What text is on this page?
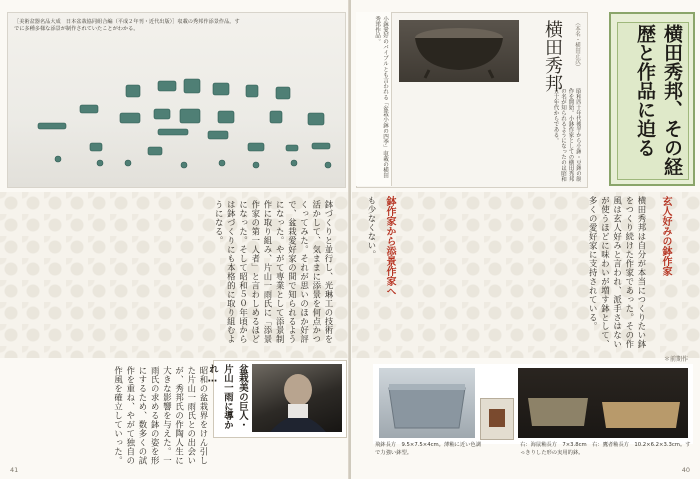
［美術盆器名品大成　日本盆栽協同組合編（平成２年刊・近代出版）］収載の秀邦作添景作品。すでに多種多様な添景が制作されていたことがわかる。
鉢づくりと並行し、光琳工の技術を活かして、気ままに添景を何点かつくってみた。それが思いのほか好評で、盆栽愛好家の間で知られるようになった。やがて専業として添景制作に取り組み、片山一雨氏に「添景作家の第一人者」と言わしめるほどになった。そして昭和５０年頃からは鉢づくりにも本格的に取り組むようになる。
昭和の盆栽界をけん引した片山一雨氏との出会いが、秀邦氏の作陶人生に大きな影響を与えた。一雨氏の求める鉢の姿を形にするため、数多くの試作を重ね、やがて独自の作風を確立していった。	盆栽美の巨人・片山一雨に導かれ…
41
小鉢愛好のバイブルとも言われる「盆栽小鉢の四季」収載の横田秀邦作品。	横田秀邦	（本名・横田正次）
昭和四十年代後半から小鉢・豆鉢の制作を開始。小鉢作家としての横田秀邦の名が知られるようになったのは昭和五十年代からである。	横田秀邦、その経歴と作品に迫る
玄人好みの鉢作家
鉢作家から添景作家へ	横田秀邦は自分が本当につくりたい鉢をつくり続けた作家であった。その作風は玄人好みと言われ、派手さはないが使うほどに味わいが増す鉢として、多くの愛好家に支持されている。
も少なくない。
＊前期作
飛鉢長方　9.5×7.5×4cm。薄釉に近い色調で力強い鉢型。
右：海鼠釉長方　7×3.8cm　右：鷹者釉長方　10.2×6.2×3.3cm。すっきりした形の実用的鉢。
40
